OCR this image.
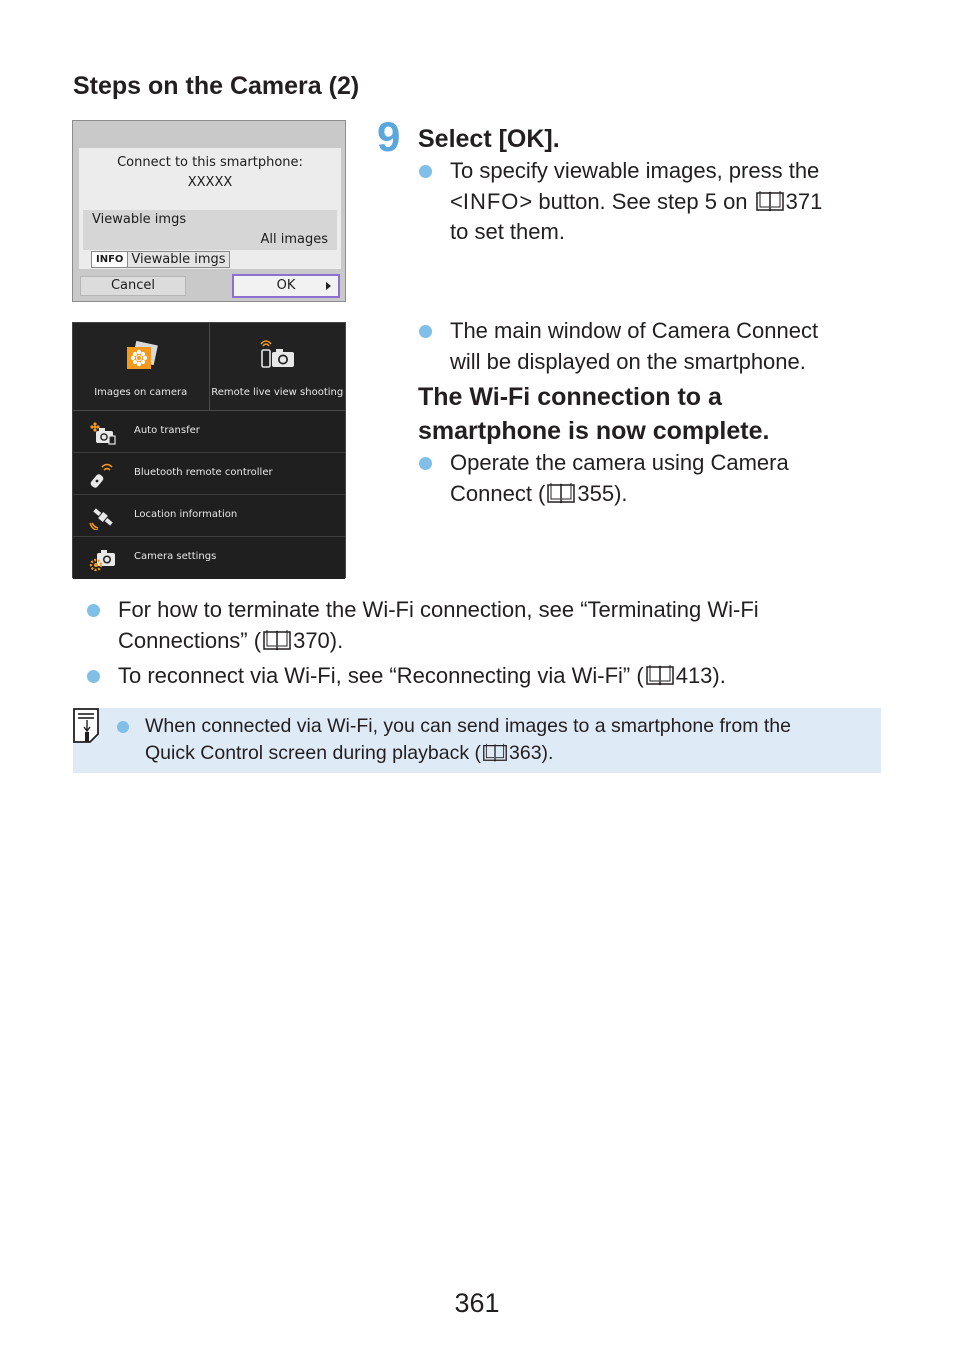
Steps on the Camera (2)
Connect to this smartphone:
XXXXX
Viewable imgs
All images
INFO Viewable imgs
Cancel	OK
9 Select [OK].
To specify viewable images, press the
<INFO> button. See step 5 on 371
to set them.
The main window of Camera Connect
will be displayed on the smartphone.
The Wi-Fi connection to a
smartphone is now complete.
Operate the camera using Camera
Connect ( 355).
Images on camera	Remote live view shooting
Auto transfer
Bluetooth remote controller
Location information
Camera settings
For how to terminate the Wi-Fi connection, see “Terminating Wi-Fi
Connections” ( 370).
To reconnect via Wi-Fi, see “Reconnecting via Wi-Fi” ( 413).
When connected via Wi-Fi, you can send images to a smartphone from the
Quick Control screen during playback ( 363).
361
